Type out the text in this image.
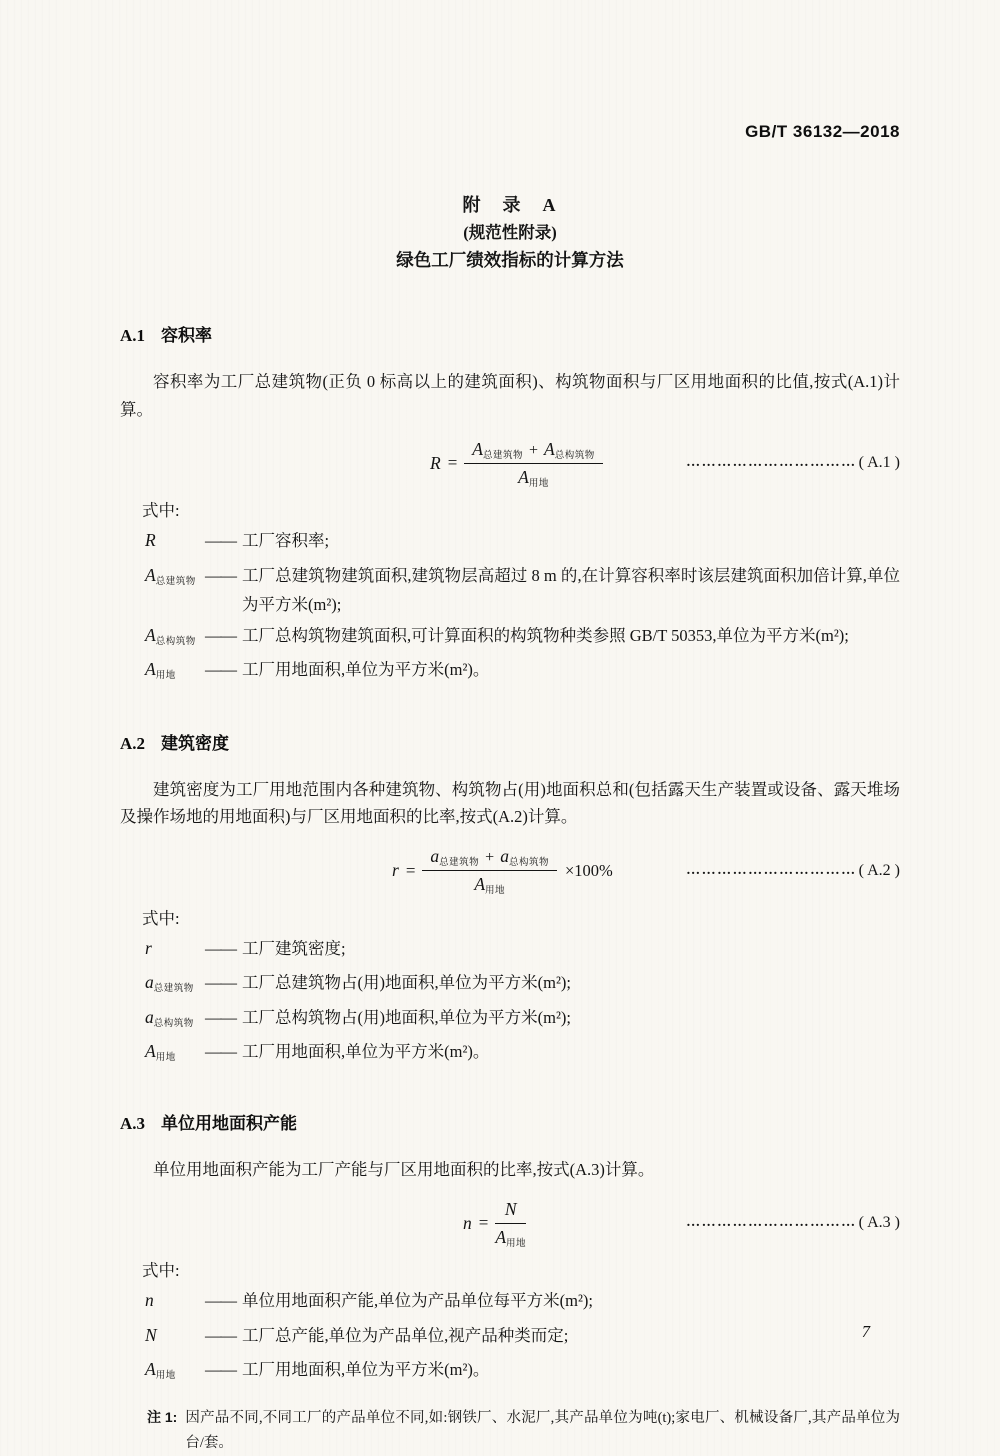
GB/T 36132—2018
附　录　A
(规范性附录)
绿色工厂绩效指标的计算方法
A.1 容积率

容积率为工厂总建筑物(正负 0 标高以上的建筑面积)、构筑物面积与厂区用地面积的比值,按式(A.1)计算。

$R = \frac{\text{A总建筑物 + A总构筑物}}{\text{A用地}}$	…………………………… ( A.1 )
式中:
R	—— 工厂容积率;

A总建筑物 —— 工厂总建筑物建筑面积,建筑物层高超过 8 m 的,在计算容积率时该层建筑面积加倍计算,单位为平方米(m²);

A总构筑物 —— 工厂总构筑物建筑面积,可计算面积的构筑物种类参照 GB/T 50353,单位为平方米(m²);

A用地	—— 工厂用地面积,单位为平方米(m²)。

A.2 建筑密度

建筑密度为工厂用地范围内各种建筑物、构筑物占(用)地面积总和(包括露天生产装置或设备、露天堆场及操作场地的用地面积)与厂区用地面积的比率,按式(A.2)计算。

$r = \frac{\text{a总建筑物 + a总构筑物}}{\text{A用地}} \times 100\%$	…………………………… ( A.2 )
式中:
r	—— 工厂建筑密度;

a总建筑物 —— 工厂总建筑物占(用)地面积,单位为平方米(m²);

a总构筑物 —— 工厂总构筑物占(用)地面积,单位为平方米(m²);

A用地	—— 工厂用地面积,单位为平方米(m²)。

A.3 单位用地面积产能

单位用地面积产能为工厂产能与厂区用地面积的比率,按式(A.3)计算。

$n = \frac{N}{\text{A用地}}$	…………………………… ( A.3 )
式中:
n	—— 单位用地面积产能,单位为产品单位每平方米(m²);

N	—— 工厂总产能,单位为产品单位,视产品种类而定;

A用地	—— 工厂用地面积,单位为平方米(m²)。

注 1: 因产品不同,不同工厂的产品单位不同,如:钢铁厂、水泥厂,其产品单位为吨(t);家电厂、机械设备厂,其产品单位为台/套。

7
